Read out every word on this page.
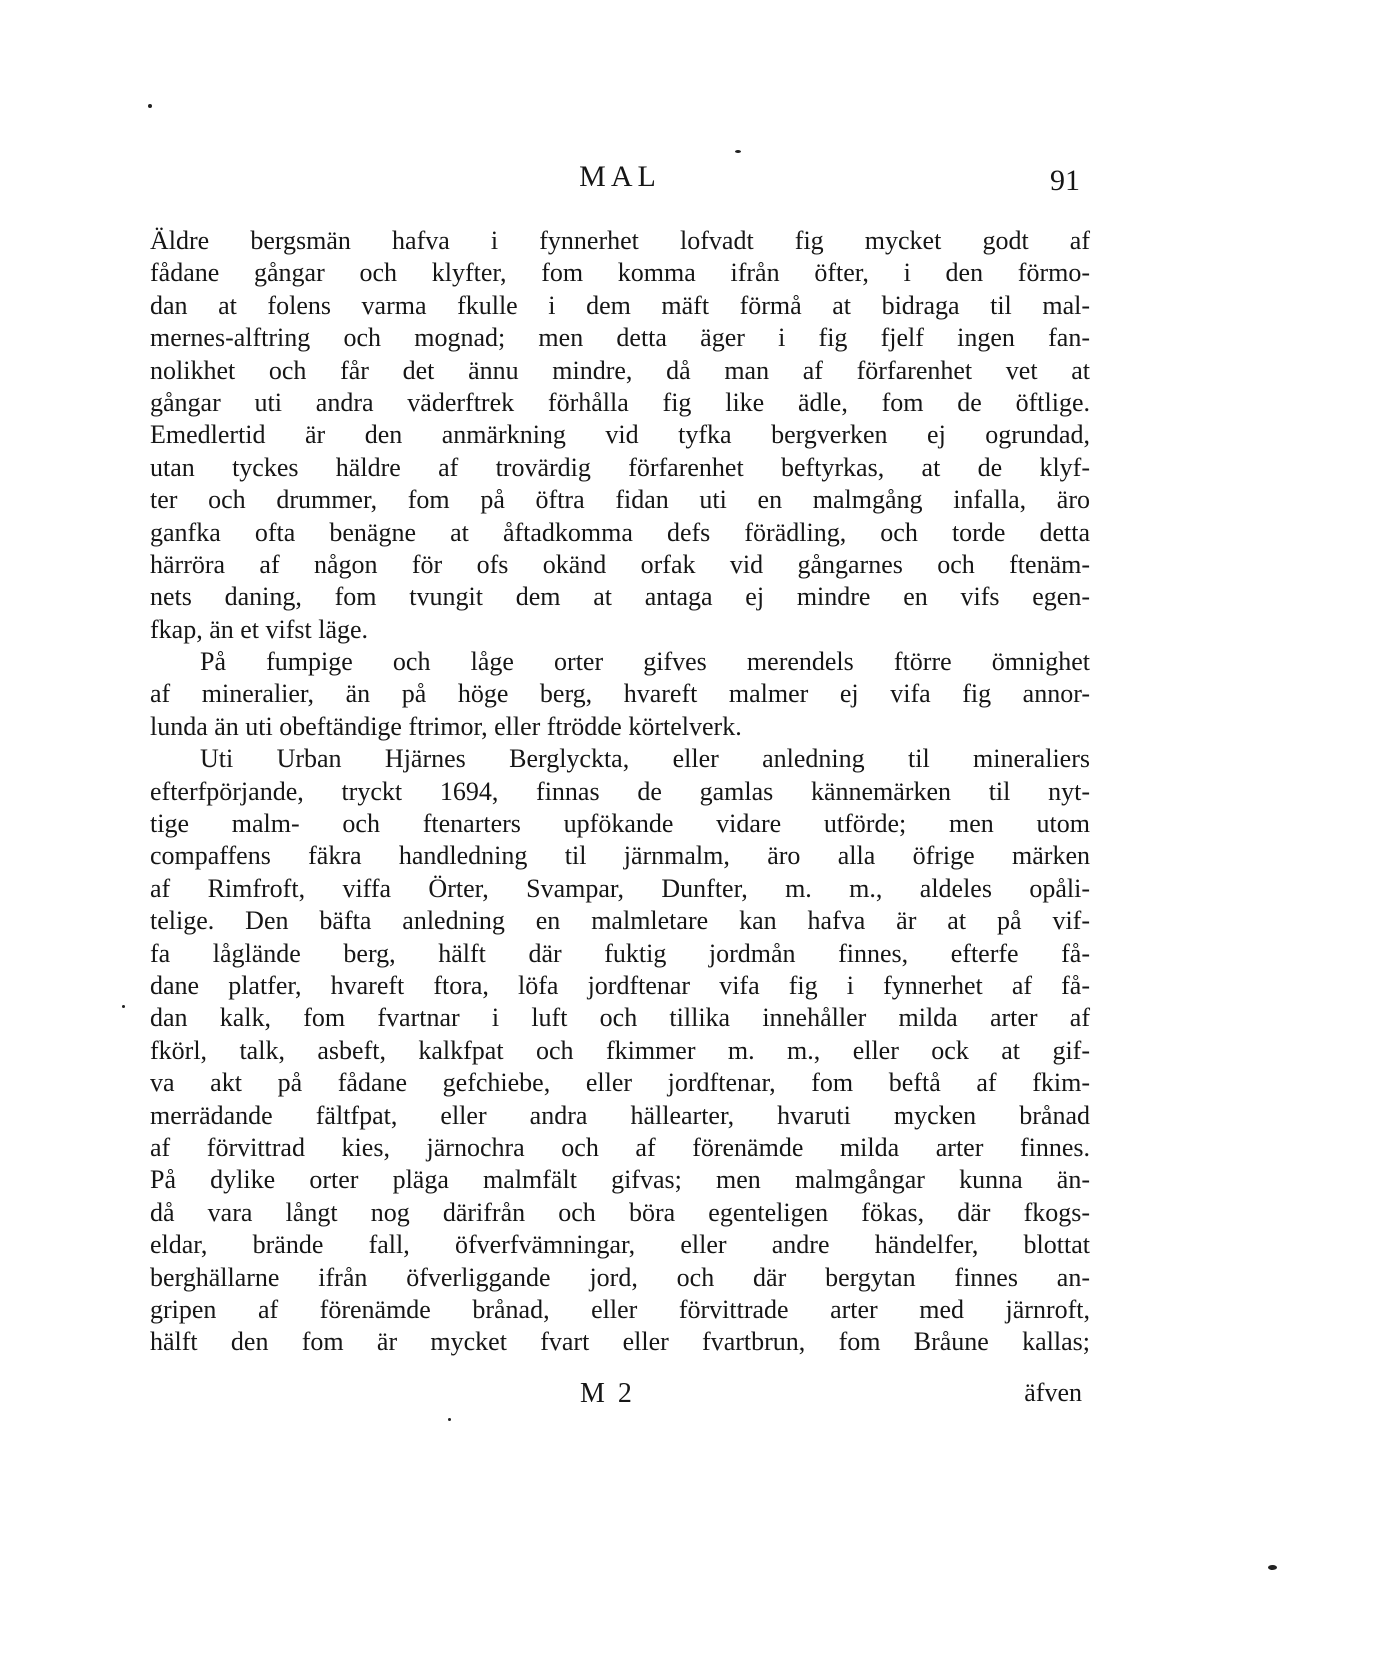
MAL	91
Äldre bergsmän hafva i fynnerhet lofvadt fig mycket godt af
fådane gångar och klyfter, fom komma ifrån öfter, i den förmo-
dan at folens varma fkulle i dem mäft förmå at bidraga til mal-
mernes-alftring och mognad; men detta äger i fig fjelf ingen fan-
nolikhet och får det ännu mindre, då man af förfarenhet vet at
gångar uti andra väderftrek förhålla fig like ädle, fom de öftlige.
Emedlertid är den anmärkning vid tyfka bergverken ej ogrundad,
utan tyckes häldre af trovärdig förfarenhet beftyrkas, at de klyf-
ter och drummer, fom på öftra fidan uti en malmgång infalla, äro
ganfka ofta benägne at åftadkomma defs förädling, och torde detta
härröra af någon för ofs okänd orfak vid gångarnes och ftenäm-
nets daning, fom tvungit dem at antaga ej mindre en vifs egen-
fkap, än et vifst läge.
På fumpige och låge orter gifves merendels ftörre ömnighet
af mineralier, än på höge berg, hvareft malmer ej vifa fig annor-
lunda än uti obeftändige ftrimor, eller ftrödde körtelverk.
Uti Urban Hjärnes Berglyckta, eller anledning til mineraliers
efterfpörjande, tryckt 1694, finnas de gamlas kännemärken til nyt-
tige malm- och ftenarters upfökande vidare utförde; men utom
compaffens fäkra handledning til järnmalm, äro alla öfrige märken
af Rimfroft, viffa Örter, Svampar, Dunfter, m. m., aldeles opåli-
telige. Den bäfta anledning en malmletare kan hafva är at på vif-
fa låglände berg, hälft där fuktig jordmån finnes, efterfe få-
dane platfer, hvareft ftora, löfa jordftenar vifa fig i fynnerhet af få-
dan kalk, fom fvartnar i luft och tillika innehåller milda arter af
fkörl, talk, asbeft, kalkfpat och fkimmer m. m., eller ock at gif-
va akt på fådane gefchiebe, eller jordftenar, fom beftå af fkim-
merrädande fältfpat, eller andra hällearter, hvaruti mycken brånad
af förvittrad kies, järnochra och af förenämde milda arter finnes.
På dylike orter pläga malmfält gifvas; men malmgångar kunna än-
då vara långt nog därifrån och böra egenteligen fökas, där fkogs-
eldar, brände fall, öfverfvämningar, eller andre händelfer, blottat
berghällarne ifrån öfverliggande jord, och där bergytan finnes an-
gripen af förenämde brånad, eller förvittrade arter med järnroft,
hälft den fom är mycket fvart eller fvartbrun, fom Bråune kallas;
M 2	äfven
